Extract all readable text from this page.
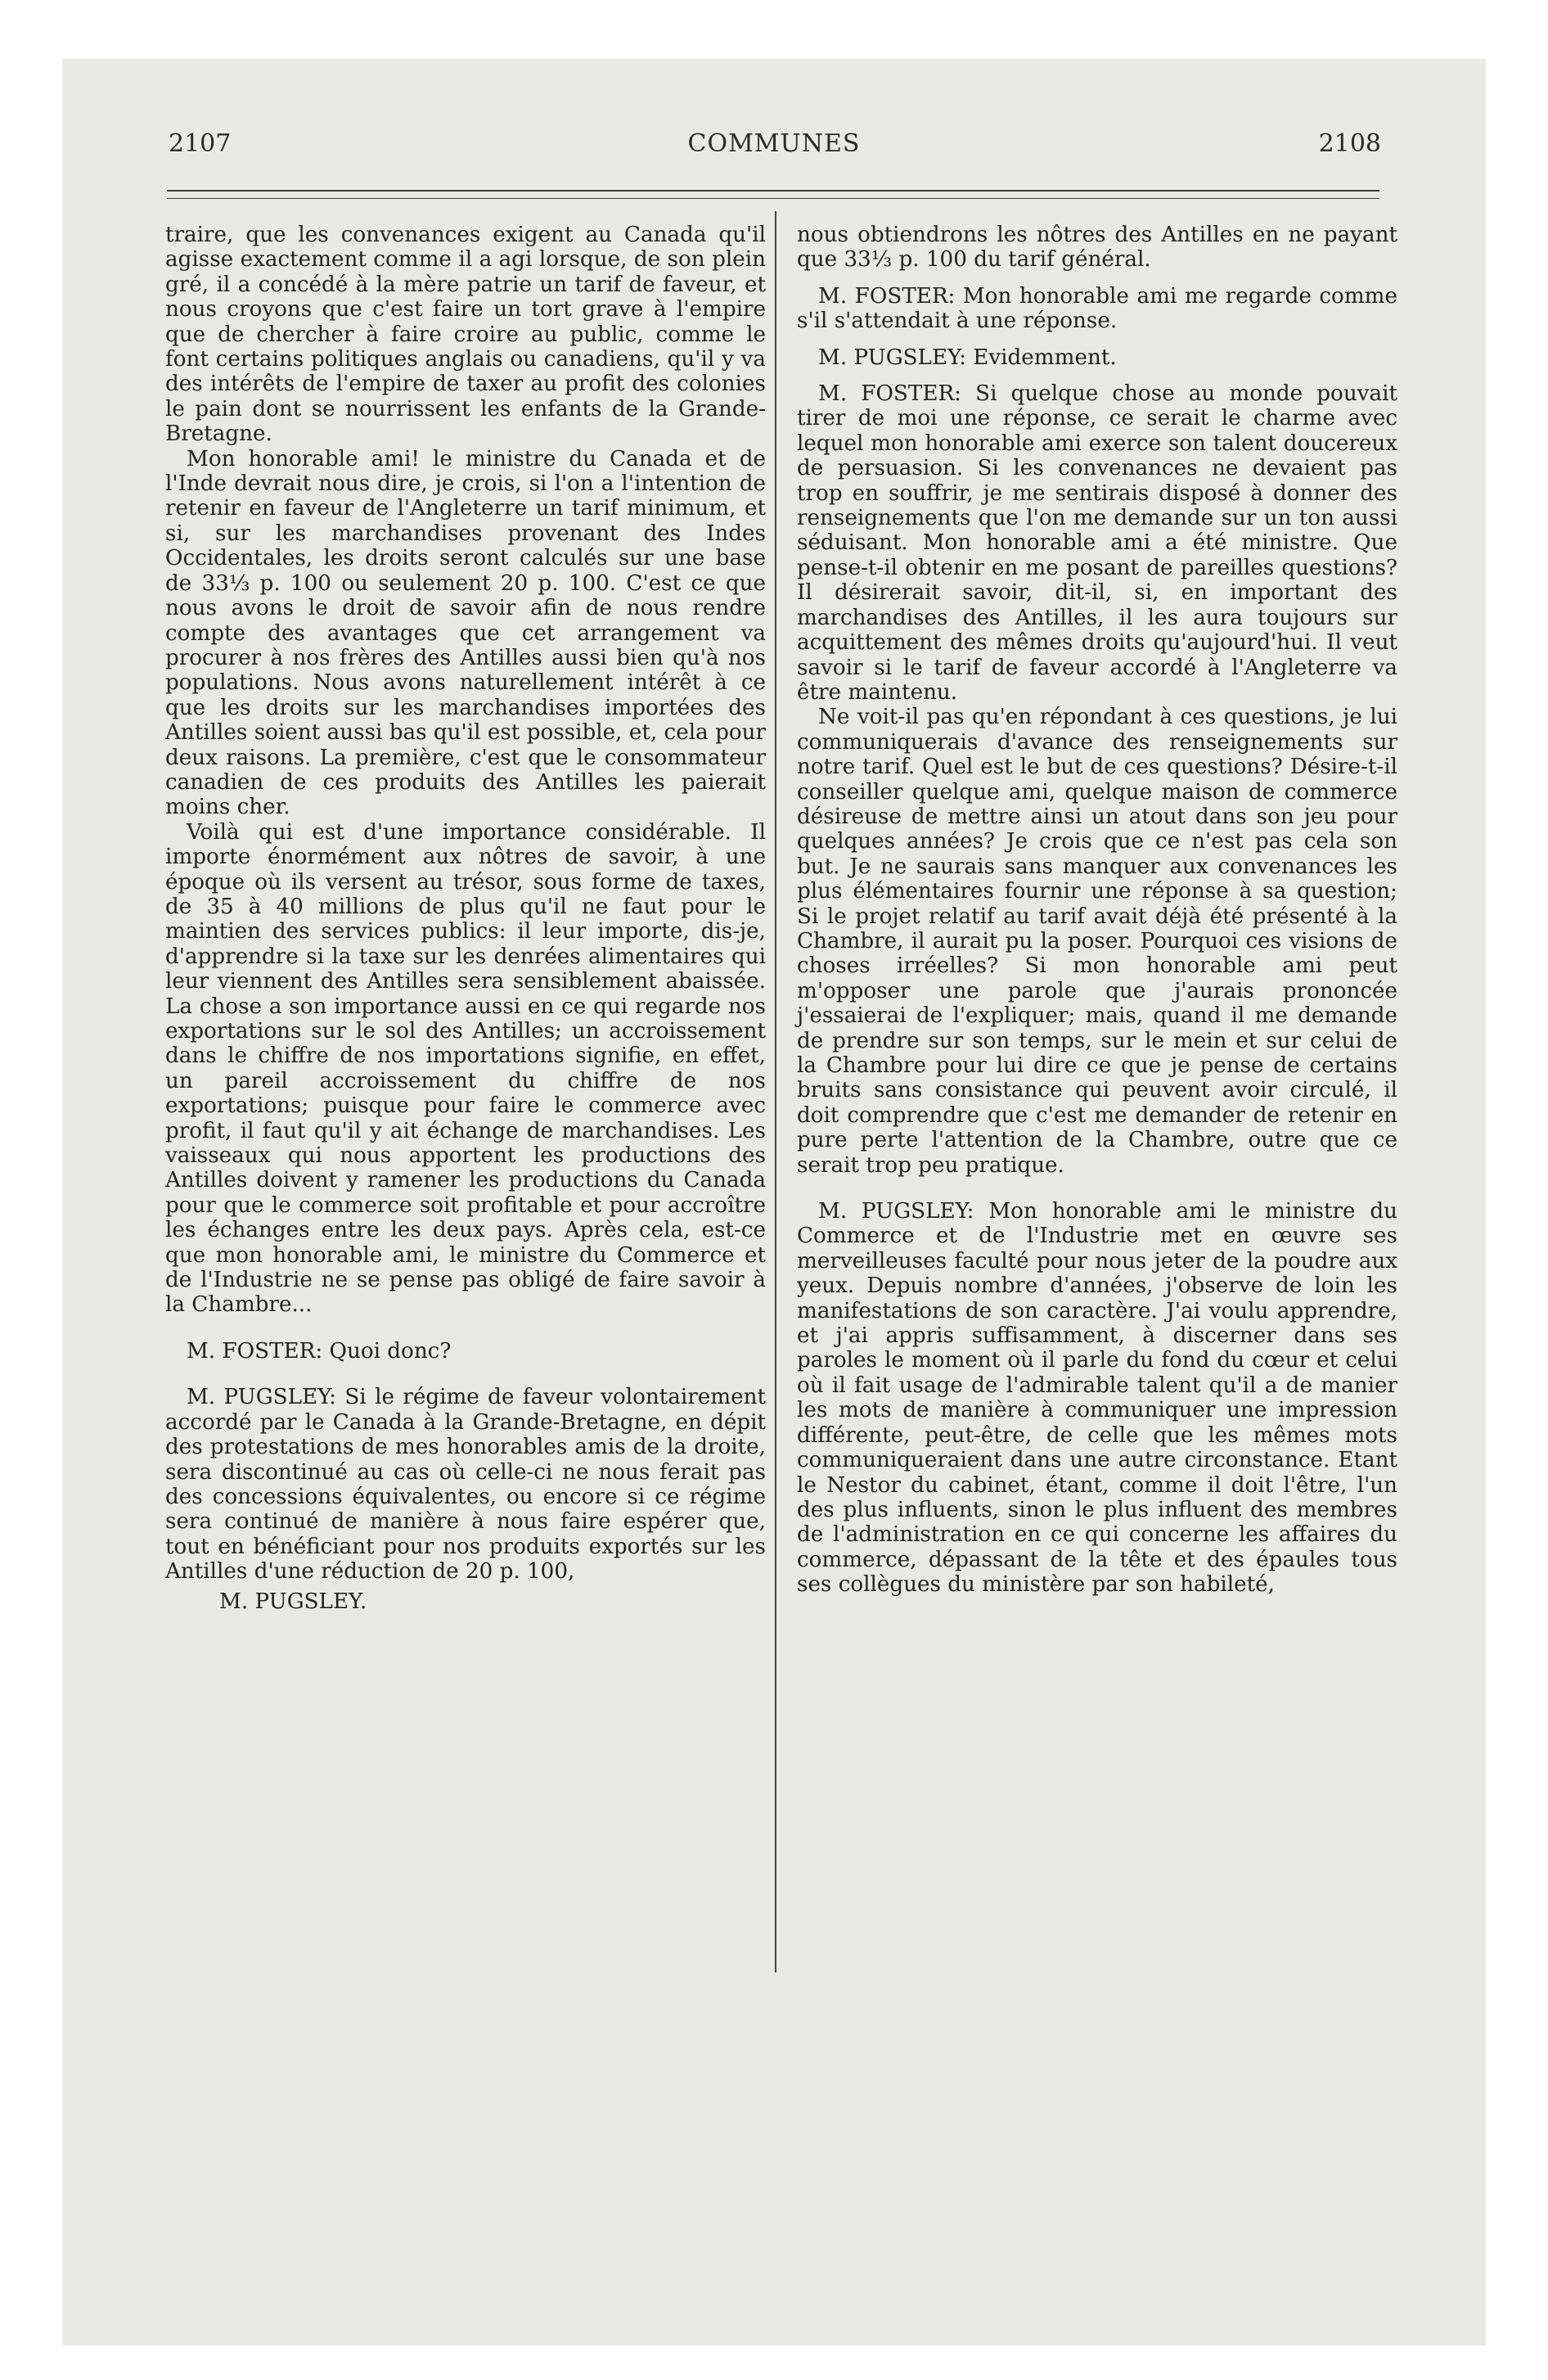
2107	COMMUNES	2108

traire, que les convenances exigent au Canada qu'il agisse exactement comme il a agi lorsque, de son plein gré, il a concédé à la mère patrie un tarif de faveur, et nous croyons que c'est faire un tort grave à l'empire que de chercher à faire croire au public, comme le font certains politiques anglais ou canadiens, qu'il y va des intérêts de l'empire de taxer au profit des colonies le pain dont se nourrissent les enfants de la Grande-Bretagne.

Mon honorable ami! le ministre du Canada et de l'Inde devrait nous dire, je crois, si l'on a l'intention de retenir en faveur de l'Angleterre un tarif minimum, et si, sur les marchandises provenant des Indes Occidentales, les droits seront calculés sur une base de 33⅓ p. 100 ou seulement 20 p. 100. C'est ce que nous avons le droit de savoir afin de nous rendre compte des avantages que cet arrangement va procurer à nos frères des Antilles aussi bien qu'à nos populations. Nous avons naturellement intérêt à ce que les droits sur les marchandises importées des Antilles soient aussi bas qu'il est possible, et, cela pour deux raisons. La première, c'est que le consommateur canadien de ces produits des Antilles les paierait moins cher.

Voilà qui est d'une importance considérable. Il importe énormément aux nôtres de savoir, à une époque où ils versent au trésor, sous forme de taxes, de 35 à 40 millions de plus qu'il ne faut pour le maintien des services publics: il leur importe, dis-je, d'apprendre si la taxe sur les denrées alimentaires qui leur viennent des Antilles sera sensiblement abaissée. La chose a son importance aussi en ce qui regarde nos exportations sur le sol des Antilles; un accroissement dans le chiffre de nos importations signifie, en effet, un pareil accroissement du chiffre de nos exportations; puisque pour faire le commerce avec profit, il faut qu'il y ait échange de marchandises. Les vaisseaux qui nous apportent les productions des Antilles doivent y ramener les productions du Canada pour que le commerce soit profitable et pour accroître les échanges entre les deux pays. Après cela, est-ce que mon honorable ami, le ministre du Commerce et de l'Industrie ne se pense pas obligé de faire savoir à la Chambre...

M. FOSTER: Quoi donc?

M. PUGSLEY: Si le régime de faveur volontairement accordé par le Canada à la Grande-Bretagne, en dépit des protestations de mes honorables amis de la droite, sera discontinué au cas où celle-ci ne nous ferait pas des concessions équivalentes, ou encore si ce régime sera continué de manière à nous faire espérer que, tout en bénéficiant pour nos produits exportés sur les Antilles d'une réduction de 20 p. 100,

M. PUGSLEY.

nous obtiendrons les nôtres des Antilles en ne payant que 33⅓ p. 100 du tarif général.

M. FOSTER: Mon honorable ami me regarde comme s'il s'attendait à une réponse.

M. PUGSLEY: Evidemment.

M. FOSTER: Si quelque chose au monde pouvait tirer de moi une réponse, ce serait le charme avec lequel mon honorable ami exerce son talent doucereux de persuasion. Si les convenances ne devaient pas trop en souffrir, je me sentirais disposé à donner des renseignements que l'on me demande sur un ton aussi séduisant. Mon honorable ami a été ministre. Que pense-t-il obtenir en me posant de pareilles questions? Il désirerait savoir, dit-il, si, en important des marchandises des Antilles, il les aura toujours sur acquittement des mêmes droits qu'aujourd'hui. Il veut savoir si le tarif de faveur accordé à l'Angleterre va être maintenu.

Ne voit-il pas qu'en répondant à ces questions, je lui communiquerais d'avance des renseignements sur notre tarif. Quel est le but de ces questions? Désire-t-il conseiller quelque ami, quelque maison de commerce désireuse de mettre ainsi un atout dans son jeu pour quelques années? Je crois que ce n'est pas cela son but. Je ne saurais sans manquer aux convenances les plus élémentaires fournir une réponse à sa question; Si le projet relatif au tarif avait déjà été présenté à la Chambre, il aurait pu la poser. Pourquoi ces visions de choses irréelles? Si mon honorable ami peut m'opposer une parole que j'aurais prononcée j'essaierai de l'expliquer; mais, quand il me demande de prendre sur son temps, sur le mein et sur celui de la Chambre pour lui dire ce que je pense de certains bruits sans consistance qui peuvent avoir circulé, il doit comprendre que c'est me demander de retenir en pure perte l'attention de la Chambre, outre que ce serait trop peu pratique.

M. PUGSLEY: Mon honorable ami le ministre du Commerce et de l'Industrie met en œuvre ses merveilleuses faculté pour nous jeter de la poudre aux yeux. Depuis nombre d'années, j'observe de loin les manifestations de son caractère. J'ai voulu apprendre, et j'ai appris suffisamment, à discerner dans ses paroles le moment où il parle du fond du cœur et celui où il fait usage de l'admirable talent qu'il a de manier les mots de manière à communiquer une impression différente, peut-être, de celle que les mêmes mots communiqueraient dans une autre circonstance. Etant le Nestor du cabinet, étant, comme il doit l'être, l'un des plus influents, sinon le plus influent des membres de l'administration en ce qui concerne les affaires du commerce, dépassant de la tête et des épaules tous ses collègues du ministère par son habileté,
